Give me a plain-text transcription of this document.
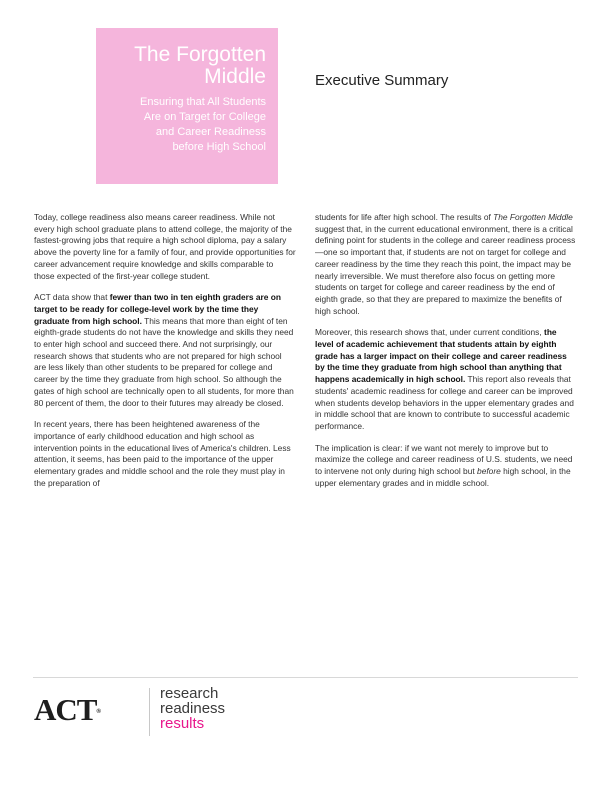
The Forgotten
Middle
Ensuring that All Students
Are on Target for College
and Career Readiness
before High School
Executive Summary

Today, college readiness also means career readiness. While not every high school graduate plans to attend college, the majority of the fastest-growing jobs that require a high school diploma, pay a salary above the poverty line for a family of four, and provide opportunities for career advancement require knowledge and skills comparable to those expected of the first-year college student.

ACT data show that fewer than two in ten eighth graders are on target to be ready for college-level work by the time they graduate from high school. This means that more than eight of ten eighth-grade students do not have the knowledge and skills they need to enter high school and succeed there. And not surprisingly, our research shows that students who are not prepared for high school are less likely than other students to be prepared for college and career by the time they graduate from high school. So although the gates of high school are technically open to all students, for more than 80 percent of them, the door to their futures may already be closed.

In recent years, there has been heightened awareness of the importance of early childhood education and high school as intervention points in the educational lives of America's children. Less attention, it seems, has been paid to the importance of the upper elementary grades and middle school and the role they must play in the preparation of

students for life after high school. The results of The Forgotten Middle suggest that, in the current educational environment, there is a critical defining point for students in the college and career readiness process—one so important that, if students are not on target for college and career readiness by the time they reach this point, the impact may be nearly irreversible. We must therefore also focus on getting more students on target for college and career readiness by the end of eighth grade, so that they are prepared to maximize the benefits of high school.

Moreover, this research shows that, under current conditions, the level of academic achievement that students attain by eighth grade has a larger impact on their college and career readiness by the time they graduate from high school than anything that happens academically in high school. This report also reveals that students' academic readiness for college and career can be improved when students develop behaviors in the upper elementary grades and in middle school that are known to contribute to successful academic performance.

The implication is clear: if we want not merely to improve but to maximize the college and career readiness of U.S. students, we need to intervene not only during high school but before high school, in the upper elementary grades and in middle school.

ACT®
research
readiness
results
